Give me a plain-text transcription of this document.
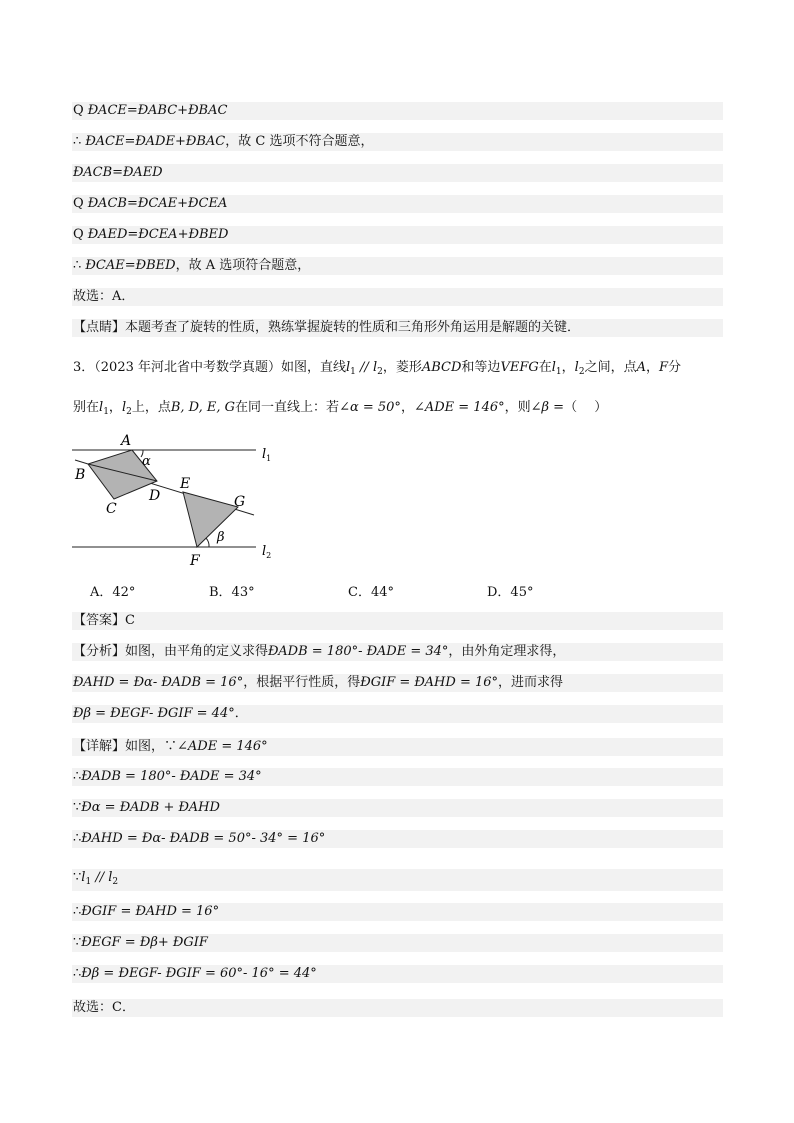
Q ÐACE=ÐABC+ÐBAC
∴ ÐACE=ÐADE+ÐBAC，故 C 选项不符合题意，
ÐACB=ÐAED
Q ÐACB=ÐCAE+ÐCEA
Q ÐAED=ÐCEA+ÐBED
∴ ÐCAE=ÐBED，故 A 选项符合题意，
故选：A．
【点睛】本题考查了旋转的性质，熟练掌握旋转的性质和三角形外角运用是解题的关键．
3．（2023 年河北省中考数学真题）如图，直线$l_1 // l_2$，菱形ABCD和等边VEFG在$l_1$，$l_2$之间，点A，F分
别在$l_1$，$l_2$上，点B, D, E, G在同一直线上：若∠α = 50°，∠ADE = 146°，则∠β =（　 ）
A
B
C
D
E
F
G
α
β
$l_1$
$l_2$
A．42°	B．43°	C．44°	D．45°
【答案】C
【分析】如图，由平角的定义求得ÐADB = 180°- ÐADE = 34°，由外角定理求得，
ÐAHD = Ðα- ÐADB = 16°，根据平行性质，得ÐGIF = ÐAHD = 16°，进而求得
Ðβ = ÐEGF- ÐGIF = 44°．
【详解】如图，∵∠ADE = 146°
∴ÐADB = 180°- ÐADE = 34°
∵Ðα = ÐADB + ÐAHD
∴ÐAHD = Ðα- ÐADB = 50°- 34° = 16°
$\because l_1 // l_2$
∴ÐGIF = ÐAHD = 16°
∵ÐEGF = Ðβ+ ÐGIF
∴Ðβ = ÐEGF- ÐGIF = 60°- 16° = 44°
故选：C．
